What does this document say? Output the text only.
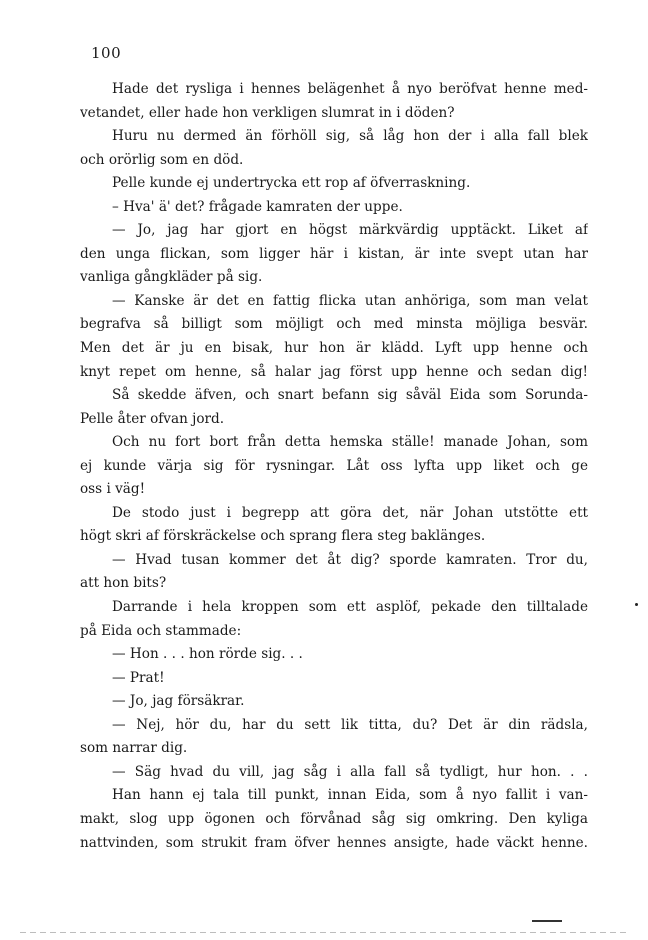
100
Hade det rysliga i hennes belägenhet å nyo beröfvat henne med-
vetandet, eller hade hon verkligen slumrat in i döden?
Huru nu dermed än förhöll sig, så låg hon der i alla fall blek
och orörlig som en död.
Pelle kunde ej undertrycka ett rop af öfverraskning.
– Hva' ä' det? frågade kamraten der uppe.
— Jo, jag har gjort en högst märkvärdig upptäckt. Liket af
den unga flickan, som ligger här i kistan, är inte svept utan har
vanliga gångkläder på sig.
— Kanske är det en fattig flicka utan anhöriga, som man velat
begrafva så billigt som möjligt och med minsta möjliga besvär.
Men det är ju en bisak, hur hon är klädd. Lyft upp henne och
knyt repet om henne, så halar jag först upp henne och sedan dig!
Så skedde äfven, och snart befann sig såväl Eida som Sorunda-
Pelle åter ofvan jord.
Och nu fort bort från detta hemska ställe! manade Johan, som
ej kunde värja sig för rysningar. Låt oss lyfta upp liket och ge
oss i väg!
De stodo just i begrepp att göra det, när Johan utstötte ett
högt skri af förskräckelse och sprang flera steg baklänges.
— Hvad tusan kommer det åt dig? sporde kamraten. Tror du,
att hon bits?
Darrande i hela kroppen som ett asplöf, pekade den tilltalade
på Eida och stammade:
— Hon . . . hon rörde sig. . .
— Prat!
— Jo, jag försäkrar.
— Nej, hör du, har du sett lik titta, du? Det är din rädsla,
som narrar dig.
— Säg hvad du vill, jag såg i alla fall så tydligt, hur hon. . .
Han hann ej tala till punkt, innan Eida, som å nyo fallit i van-
makt, slog upp ögonen och förvånad såg sig omkring. Den kyliga
nattvinden, som strukit fram öfver hennes ansigte, hade väckt henne.
